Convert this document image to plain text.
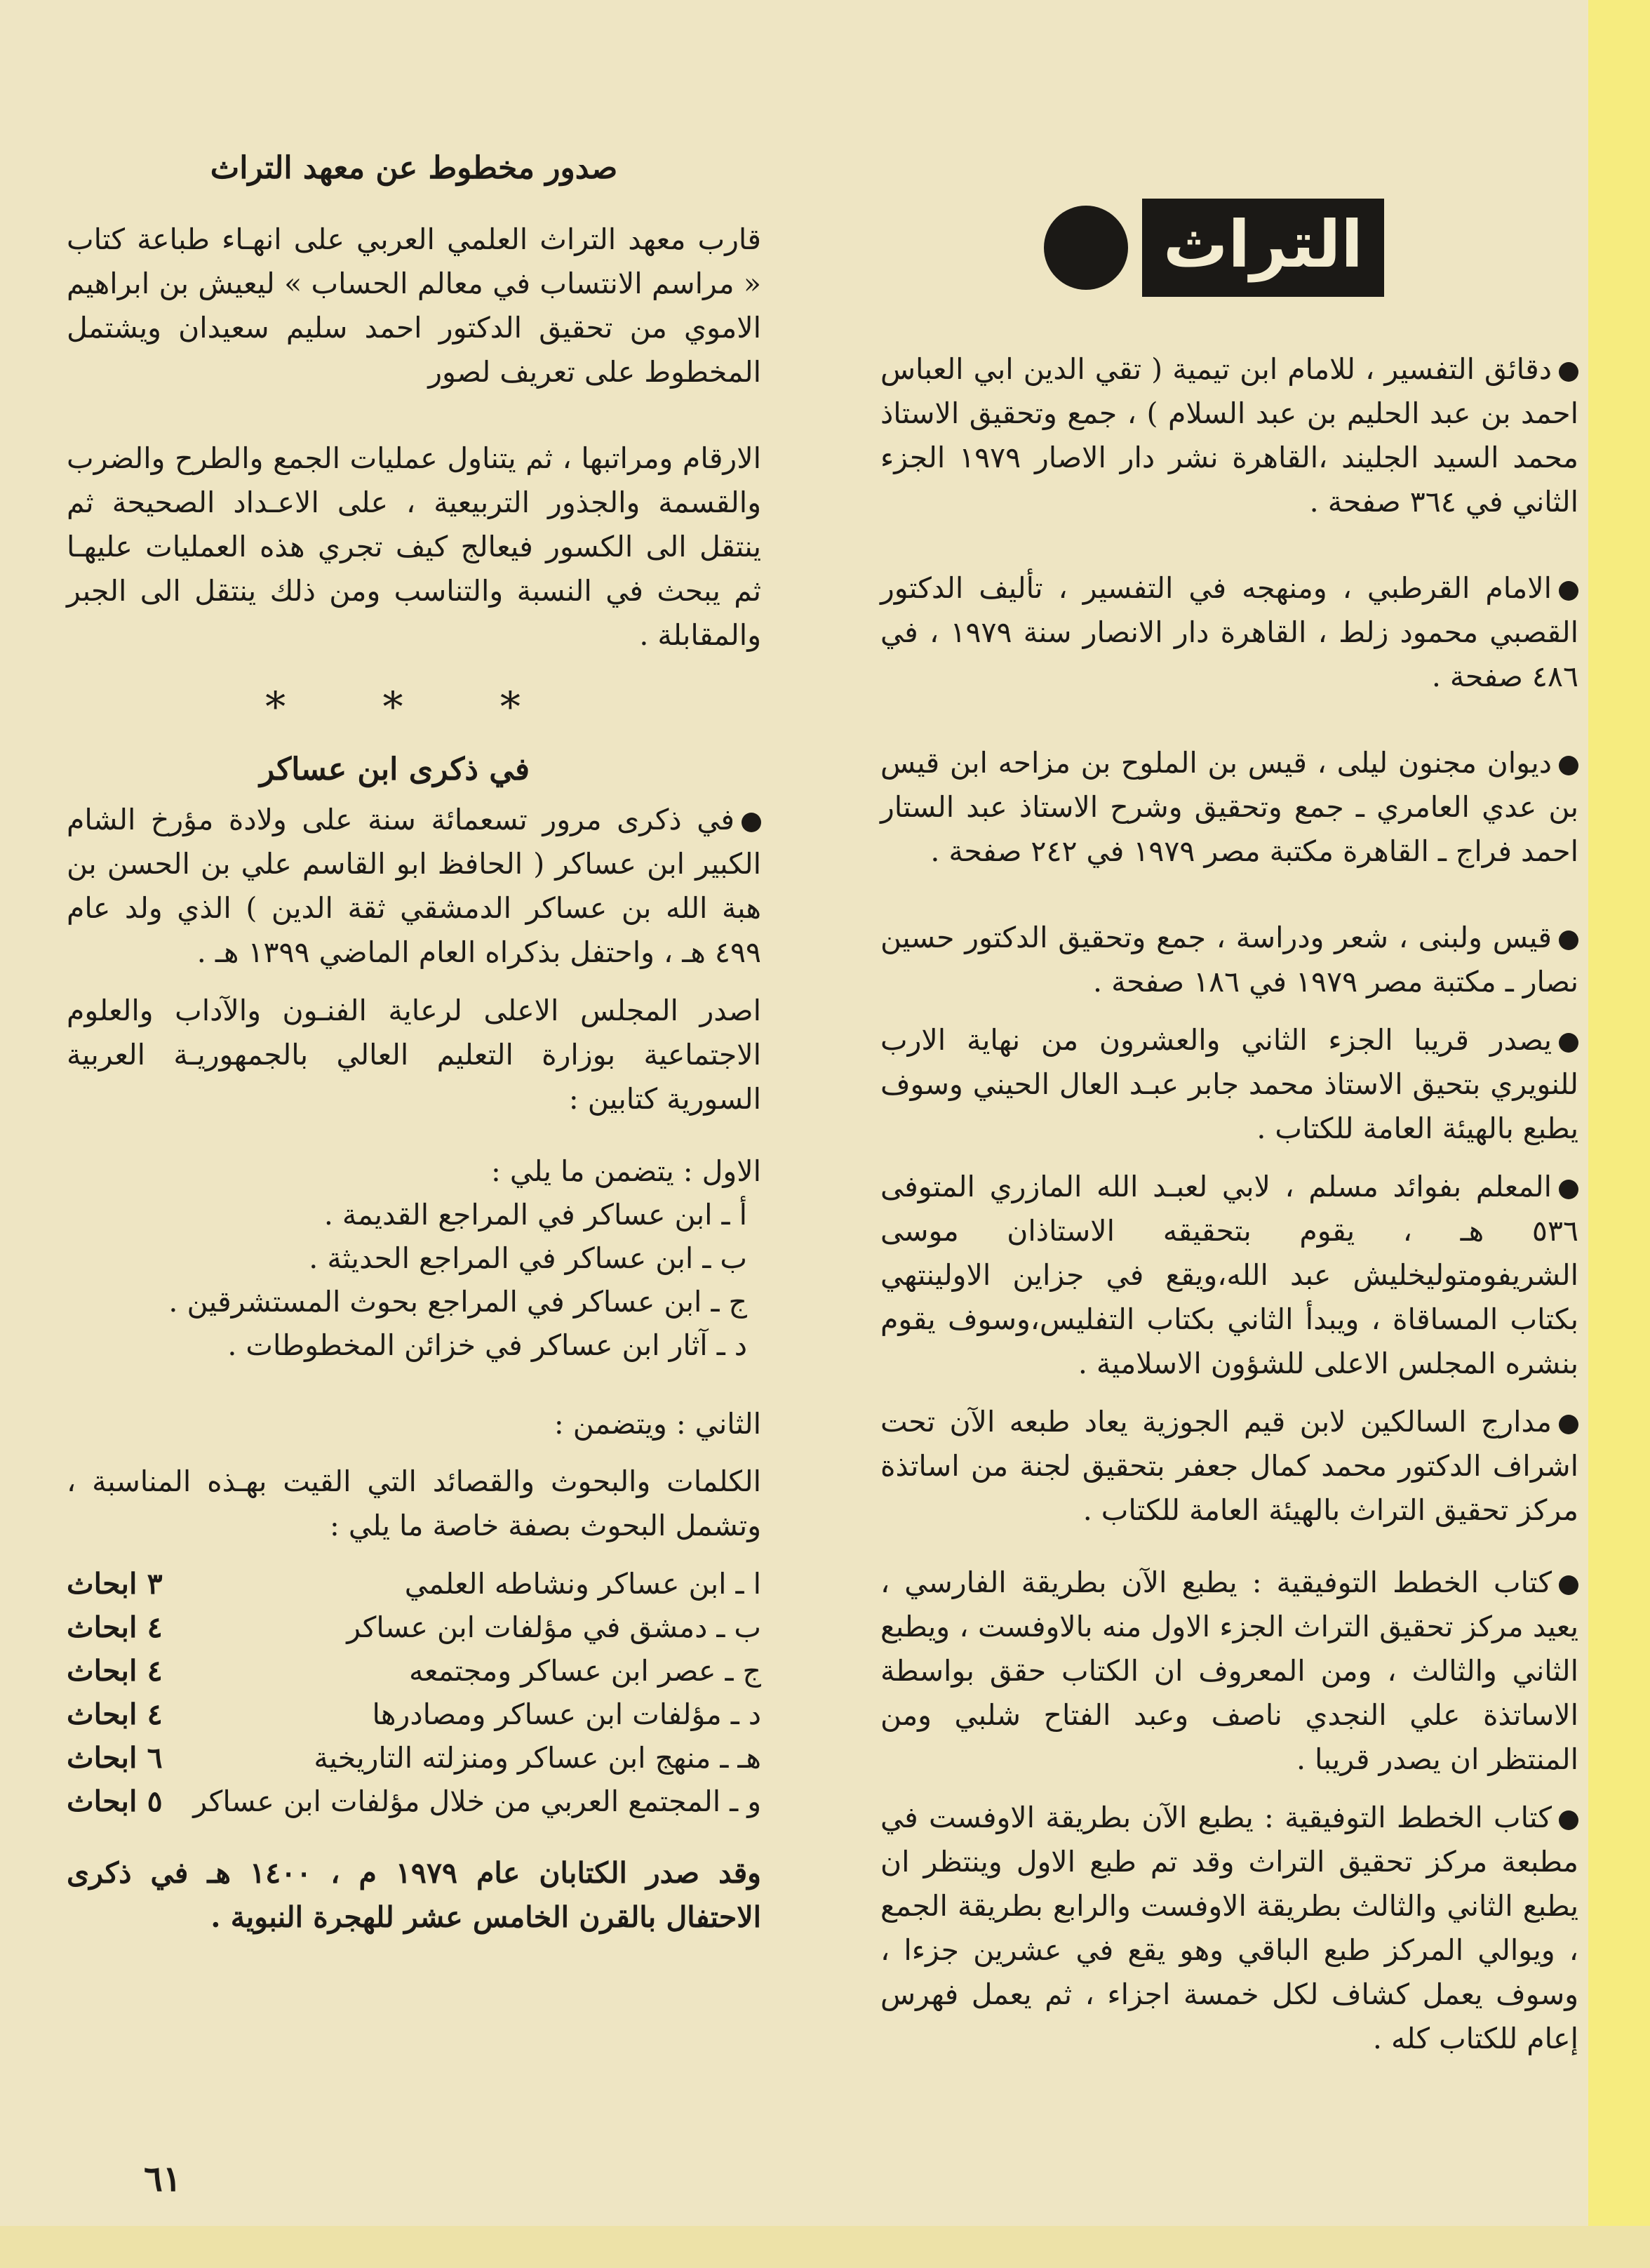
التراث

دقائق التفسير ، للامام ابن تيمية ( تقي الدين ابي العباس احمد بن عبد الحليم بن عبد السلام ) ، جمع وتحقيق الاستاذ محمد السيد الجليند ،القاهرة نشر دار الاصار ١٩٧٩ الجزء الثاني في ٣٦٤ صفحة .

الامام القرطبي ، ومنهجه في التفسير ، تأليف الدكتور القصبي محمود زلط ، القاهرة دار الانصار سنة ١٩٧٩ ، في ٤٨٦ صفحة .

ديوان مجنون ليلى ، قيس بن الملوح بن مزاحه ابن قيس بن عدي العامري ـ جمع وتحقيق وشرح الاستاذ عبد الستار احمد فراج ـ القاهرة مكتبة مصر ١٩٧٩ في ٢٤٢ صفحة .

قيس ولبنى ، شعر ودراسة ، جمع وتحقيق الدكتور حسين نصار ـ مكتبة مصر ١٩٧٩ في ١٨٦ صفحة .

يصدر قريبا الجزء الثاني والعشرون من نهاية الارب للنويري بتحيق الاستاذ محمد جابر عبـد العال الحيني وسوف يطبع بالهيئة العامة للكتاب .

المعلم بفوائد مسلم ، لابي لعبـد الله المازري المتوفى ٥٣٦ هـ ، يقوم بتحقيقه الاستاذان موسى الشريفومتوليخليش عبد الله،ويقع في جزاين الاولينتهي بكتاب المساقاة ، ويبدأ الثاني بكتاب التفليس،وسوف يقوم بنشره المجلس الاعلى للشؤون الاسلامية .

مدارج السالكين لابن قيم الجوزية يعاد طبعه الآن تحت اشراف الدكتور محمد كمال جعفر بتحقيق لجنة من اساتذة مركز تحقيق التراث بالهيئة العامة للكتاب .

كتاب الخطط التوفيقية : يطبع الآن بطريقة الفارسي ، يعيد مركز تحقيق التراث الجزء الاول منه بالاوفست ، ويطبع الثاني والثالث ، ومن المعروف ان الكتاب حقق بواسطة الاساتذة علي النجدي ناصف وعبد الفتاح شلبي ومن المنتظر ان يصدر قريبا .

كتاب الخطط التوفيقية : يطبع الآن بطريقة الاوفست في مطبعة مركز تحقيق التراث وقد تم طبع الاول وينتظر ان يطبع الثاني والثالث بطريقة الاوفست والرابع بطريقة الجمع ، ويوالي المركز طبع الباقي وهو يقع في عشرين جزءا ، وسوف يعمل كشاف لكل خمسة اجزاء ، ثم يعمل فهرس إعام للكتاب كله .

صدور مخطوط عن معهد التراث

قارب معهد التراث العلمي العربي على انهـاء طباعة كتاب « مراسم الانتساب في معالم الحساب » ليعيش بن ابراهيم الاموي من تحقيق الدكتور احمد سليم سعيدان ويشتمل المخطوط على تعريف لصور

الارقام ومراتبها ، ثم يتناول عمليات الجمع والطرح والضرب والقسمة والجذور التربيعية ، على الاعـداد الصحيحة ثم ينتقل الى الكسور فيعالج كيف تجري هذه العمليات عليهـا ثم يبحث في النسبة والتناسب ومن ذلك ينتقل الى الجبر والمقابلة .

* * *
في ذكرى ابن عساكر

في ذكرى مرور تسعمائة سنة على ولادة مؤرخ الشام الكبير ابن عساكر ( الحافظ ابو القاسم علي بن الحسن بن هبة الله بن عساكر الدمشقي ثقة الدين ) الذي ولد عام ٤٩٩ هـ ، واحتفل بذكراه العام الماضي ١٣٩٩ هـ .

اصدر المجلس الاعلى لرعاية الفنـون والآداب والعلوم الاجتماعية بوزارة التعليم العالي بالجمهوريـة العربية السورية كتابين :

الاول : يتضمن ما يلي :

أ ـ ابن عساكر في المراجع القديمة .

ب ـ ابن عساكر في المراجع الحديثة .

ج ـ ابن عساكر في المراجع بحوث المستشرقين .

د ـ آثار ابن عساكر في خزائن المخطوطات .

الثاني : ويتضمن :

الكلمات والبحوث والقصائد التي القيت بهـذه المناسبة ، وتشمل البحوث بصفة خاصة ما يلي :

ا ـ ابن عساكر ونشاطه العلمي
٣ ابحاث
ب ـ دمشق في مؤلفات ابن عساكر
٤ ابحاث
ج ـ عصر ابن عساكر ومجتمعه
٤ ابحاث
د ـ مؤلفات ابن عساكر ومصادرها
٤ ابحاث
هـ ـ منهج ابن عساكر ومنزلته التاريخية
٦ ابحاث
و ـ المجتمع العربي من خلال مؤلفات ابن عساكر
٥ ابحاث

وقد صدر الكتابان عام ١٩٧٩ م ، ١٤٠٠ هـ في ذكرى الاحتفال بالقرن الخامس عشر للهجرة النبوية .

٦١
